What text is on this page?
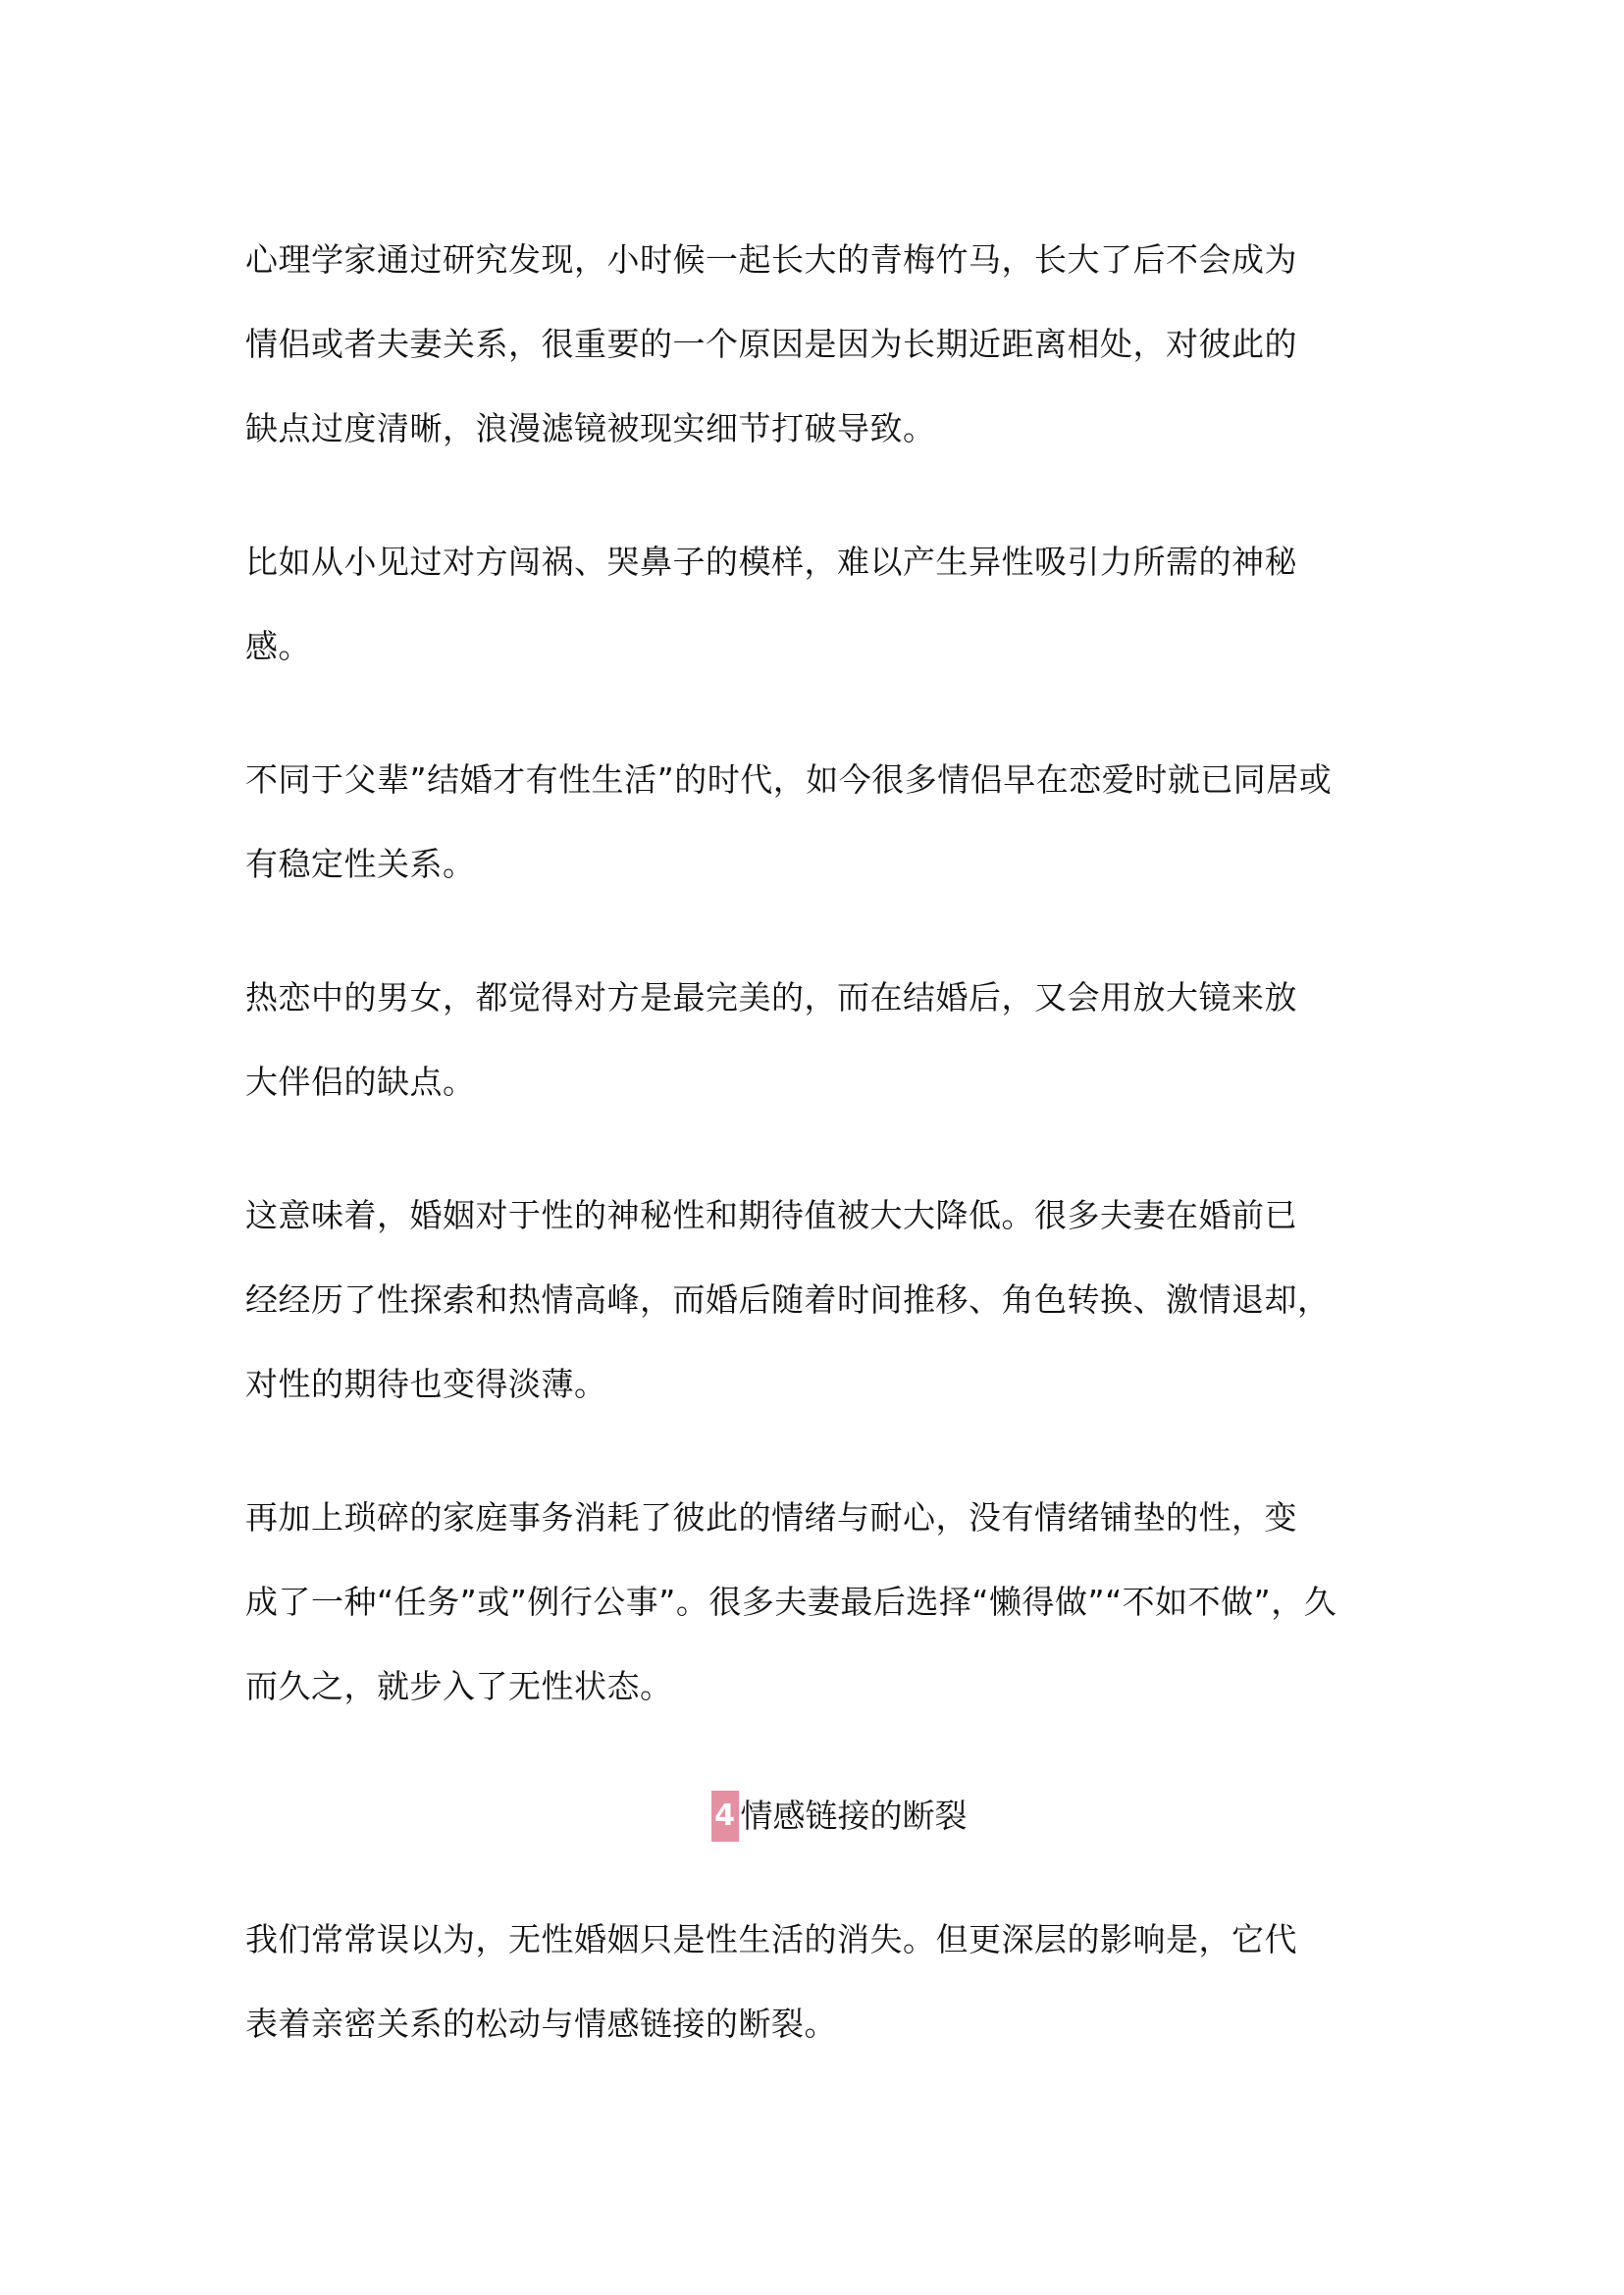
心理学家通过研究发现，小时候一起长大的青梅竹马，长大了后不会成为
情侣或者夫妻关系，很重要的一个原因是因为长期近距离相处，对彼此的
缺点过度清晰，浪漫滤镜被现实细节打破导致。

比如从小见过对方闯祸、哭鼻子的模样，难以产生异性吸引力所需的神秘
感。

不同于父辈”结婚才有性生活”的时代，如今很多情侣早在恋爱时就已同居或
有稳定性关系。

热恋中的男女，都觉得对方是最完美的，而在结婚后，又会用放大镜来放
大伴侣的缺点。

这意味着，婚姻对于性的神秘性和期待值被大大降低。很多夫妻在婚前已
经经历了性探索和热情高峰，而婚后随着时间推移、角色转换、激情退却，
对性的期待也变得淡薄。

再加上琐碎的家庭事务消耗了彼此的情绪与耐心，没有情绪铺垫的性，变
成了一种“任务”或”例行公事”。很多夫妻最后选择“懒得做”“不如不做”，久
而久之，就步入了无性状态。

4 情感链接的断裂

我们常常误以为，无性婚姻只是性生活的消失。但更深层的影响是，它代
表着亲密关系的松动与情感链接的断裂。
